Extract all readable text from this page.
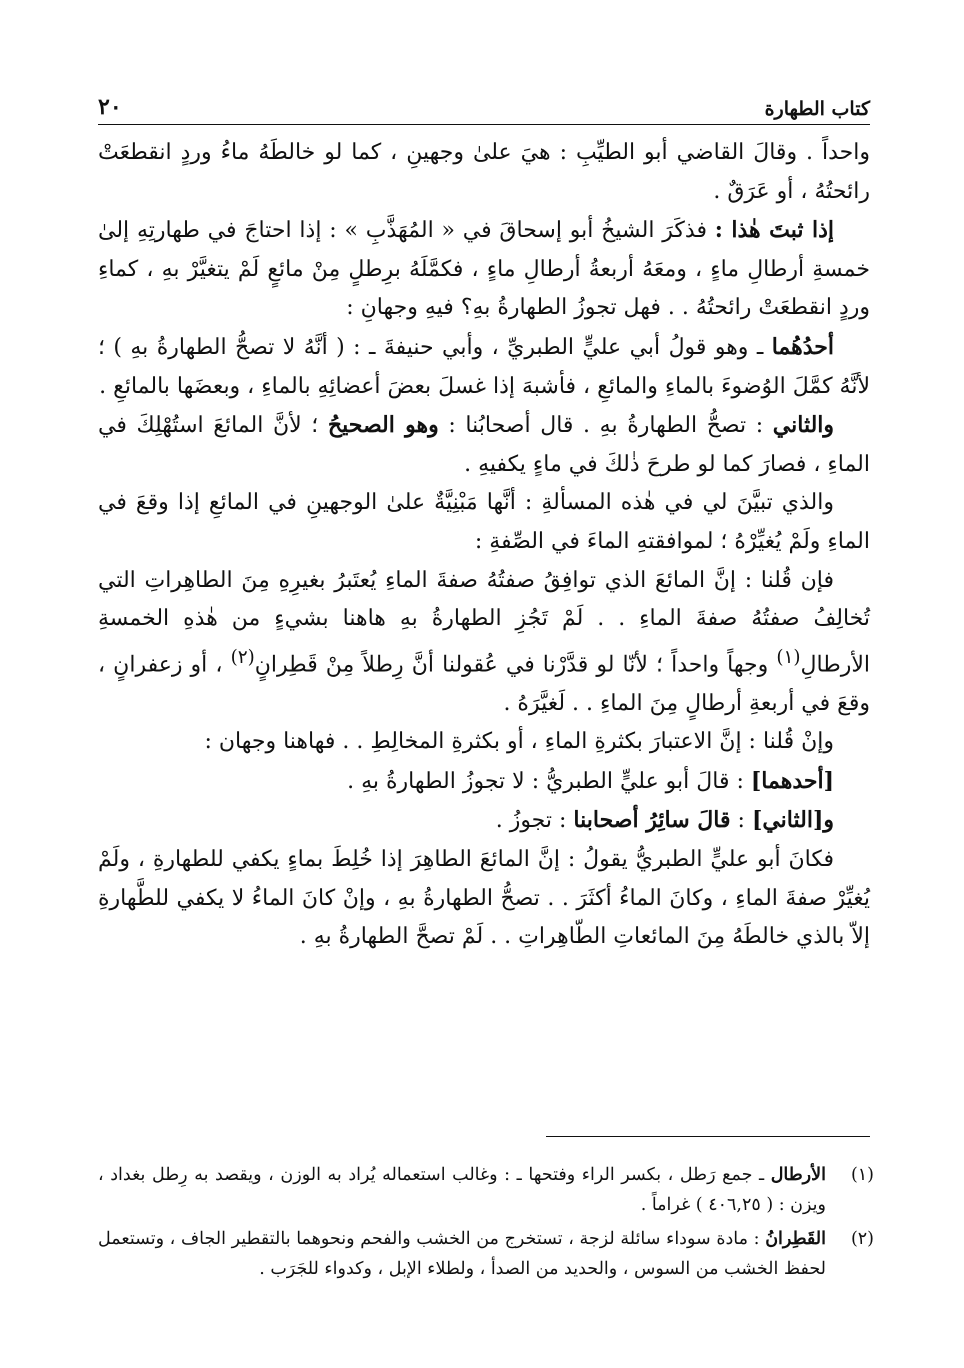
كتاب الطهارة
٢٠

واحداً . وقالَ القاضي أبو الطيِّبِ : هيَ علىٰ وجهينِ ، كما لو خالطَهُ ماءُ وردٍ انقطعَتْ رائحتُهُ ، أو عَرَقٌ .

إذا ثبتَ هٰذا : فذكَرَ الشيخُ أبو إسحاقَ في « المُهَذَّبِ » : إذا احتاجَ في طهارتِهِ إلىٰ خمسةِ أرطالِ ماءٍ ، ومعَهُ أربعةُ أرطالِ ماءٍ ، فكمَّلَهُ برِطلٍ مِنْ مائعٍ لَمْ يتغيَّرْ بهِ ، كماءِ وردٍ انقطعَتْ رائحتُهُ . . فهل تجوزُ الطهارةُ بهِ؟ فيهِ وجهانِ :

أحدُهُما ـ وهو قولُ أبي عليٍّ الطبريِّ ، وأبي حنيفةَ ـ : ( أنَّهُ لا تصحُّ الطهارةُ بهِ ) ؛ لأنَّهُ كمَّلَ الوُضوءَ بالماءِ والمائعِ ، فأشبهَ إذا غسلَ بعضَ أعضائِهِ بالماءِ ، وبعضَها بالمائعِ .

والثاني : تصحُّ الطهارةُ بهِ . قال أصحابُنا : وهو الصحيحُ ؛ لأنَّ المائعَ استُهْلِكَ في الماءِ ، فصارَ كما لو طرحَ ذٰلكَ في ماءٍ يكفيهِ .

والذي تبيَّنَ لي في هٰذه المسألةِ : أنَّها مَبْنِيَّةٌ علىٰ الوجهينِ في المائعِ إذا وقعَ في الماءِ ولَمْ يُغيِّرْهُ ؛ لموافقتهِ الماءَ في الصِّفةِ :

فإن قُلنا : إنَّ المائعَ الذي توافِقُ صفتُهُ صفةَ الماءِ يُعتَبرُ بغيرِهِ مِنَ الطاهِراتِ التي تُخالِفُ صفتُهُ صفةَ الماءِ . . لَمْ تَجُزِ الطهارةُ بهِ هاهنا بشيءٍ من هٰذهِ الخمسةِ الأرطالِ$^{(١)}$ وجهاً واحداً ؛ لأنّا لو قدَّرْنا في عُقولنا أنَّ رِطلاً مِنْ قَطِرانٍ$^{(٢)}$ ، أو زعفرانٍ ، وقعَ في أربعةِ أرطالٍ مِنَ الماءِ . . لَغيَّرَهُ .

وإنْ قُلنا : إنَّ الاعتبارَ بكثرةِ الماءِ ، أو بكثرةِ المخالِطِ . . فهاهنا وجهان :

[أحدهما] : قالَ أبو عليٍّ الطبريُّ : لا تجوزُ الطهارةُ بهِ .

و[الثاني] : قالَ سائِرُ أصحابنا : تجوزُ .

فكانَ أبو عليٍّ الطبريُّ يقولُ : إنَّ المائعَ الطاهِرَ إذا خُلِطَ بماءٍ يكفي للطهارةِ ، ولَمْ يُغيِّرْ صفةَ الماءِ ، وكانَ الماءُ أكثَرَ . . تصحُّ الطهارةُ بهِ ، وإنْ كانَ الماءُ لا يكفي للطَّهارةِ إلاّ بالذي خالطَهُ مِنَ المائعاتِ الطّاهِراتِ . . لَمْ تصحَّ الطهارةُ بهِ .

(١)
الأرطال ـ جمع رَطل ، بكسر الراء وفتحها ـ : وغالب استعماله يُراد به الوزن ، ويقصد به رِطل بغداد ، ويزن : ( ٤٠٦,٢٥ ) غراماً .
(٢)
القَطِرانُ : مادة سوداء سائلة لزجة ، تستخرج من الخشب والفحم ونحوهما بالتقطير الجاف ، وتستعمل لحفظ الخشب من السوس ، والحديد من الصدأ ، ولطلاء الإبل ، وكدواء للجَرَب .
